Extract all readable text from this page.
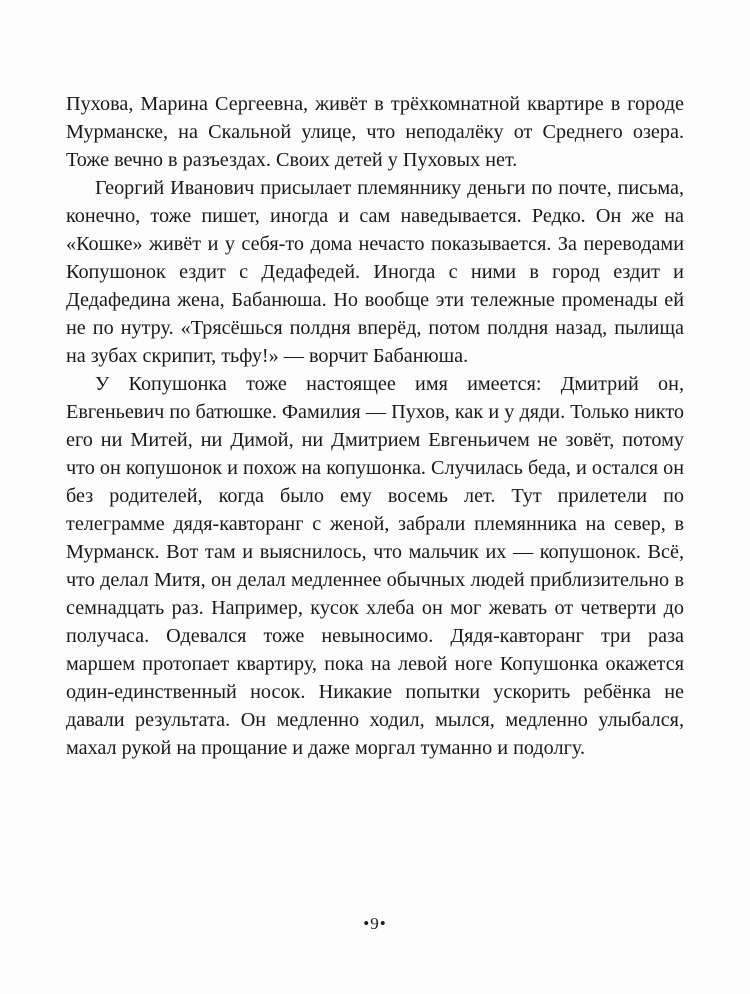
Пухова, Марина Сергеевна, живёт в трёхкомнатной квартире в городе Мурманске, на Скальной улице, что неподалёку от Среднего озера. Тоже вечно в разъездах. Своих детей у Пуховых нет.

Георгий Иванович присылает племяннику деньги по почте, письма, конечно, тоже пишет, иногда и сам наведывается. Редко. Он же на «Кошке» живёт и у себя-то дома нечасто показывается. За переводами Копушонок ездит с Дедафедей. Иногда с ними в город ездит и Дедафедина жена, Бабанюша. Но вообще эти тележные променады ей не по нутру. «Трясёшься полдня вперёд, потом полдня назад, пылища на зубах скрипит, тьфу!» — ворчит Бабанюша.

У Копушонка тоже настоящее имя имеется: Дмитрий он, Евгеньевич по батюшке. Фамилия — Пухов, как и у дяди. Только никто его ни Митей, ни Димой, ни Дмитрием Евгеньичем не зовёт, потому что он копушонок и похож на копушонка. Случилась беда, и остался он без родителей, когда было ему восемь лет. Тут прилетели по телеграмме дядя-кавторанг с женой, забрали племянника на север, в Мурманск. Вот там и выяснилось, что мальчик их — копушонок. Всё, что делал Митя, он делал медленнее обычных людей приблизительно в семнадцать раз. Например, кусок хлеба он мог жевать от четверти до получаса. Одевался тоже невыносимо. Дядя-кавторанг три раза маршем протопает квартиру, пока на левой ноге Копушонка окажется один-единственный носок. Никакие попытки ускорить ребёнка не давали результата. Он медленно ходил, мылся, медленно улыбался, махал рукой на прощание и даже моргал туманно и подолгу.

•9•
